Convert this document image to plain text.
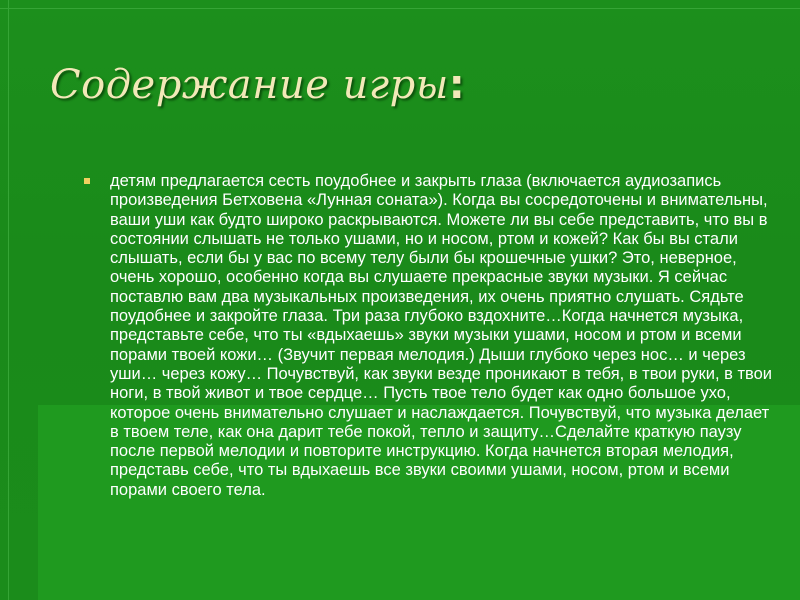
Содержание игры:
детям предлагается сесть поудобнее и закрыть глаза (включается аудиозапись произведения Бетховена «Лунная соната»). Когда вы сосредоточены и внимательны, ваши уши как будто широко раскрываются. Можете ли вы себе представить, что вы в состоянии слышать не только ушами, но и носом, ртом и кожей? Как бы вы стали слышать, если бы у вас по всему телу были бы крошечные ушки? Это, неверное, очень хорошо, особенно когда вы слушаете прекрасные звуки музыки. Я сейчас поставлю вам два музыкальных произведения, их очень приятно слушать. Сядьте поудобнее и закройте глаза. Три раза глубоко вздохните…Когда начнется музыка, представьте себе, что ты «вдыхаешь» звуки музыки ушами, носом и ртом и всеми порами твоей кожи… (Звучит первая мелодия.) Дыши глубоко через нос… и через уши… через кожу… Почувствуй, как звуки везде проникают в тебя, в твои руки, в твои ноги, в твой живот и твое сердце… Пусть твое тело будет как одно большое ухо, которое очень внимательно слушает и наслаждается. Почувствуй, что музыка делает в твоем теле, как она дарит тебе покой, тепло и защиту…Сделайте краткую паузу после первой мелодии и повторите инструкцию. Когда начнется вторая мелодия, представь себе, что ты вдыхаешь все звуки своими ушами, носом, ртом и всеми порами своего тела.
